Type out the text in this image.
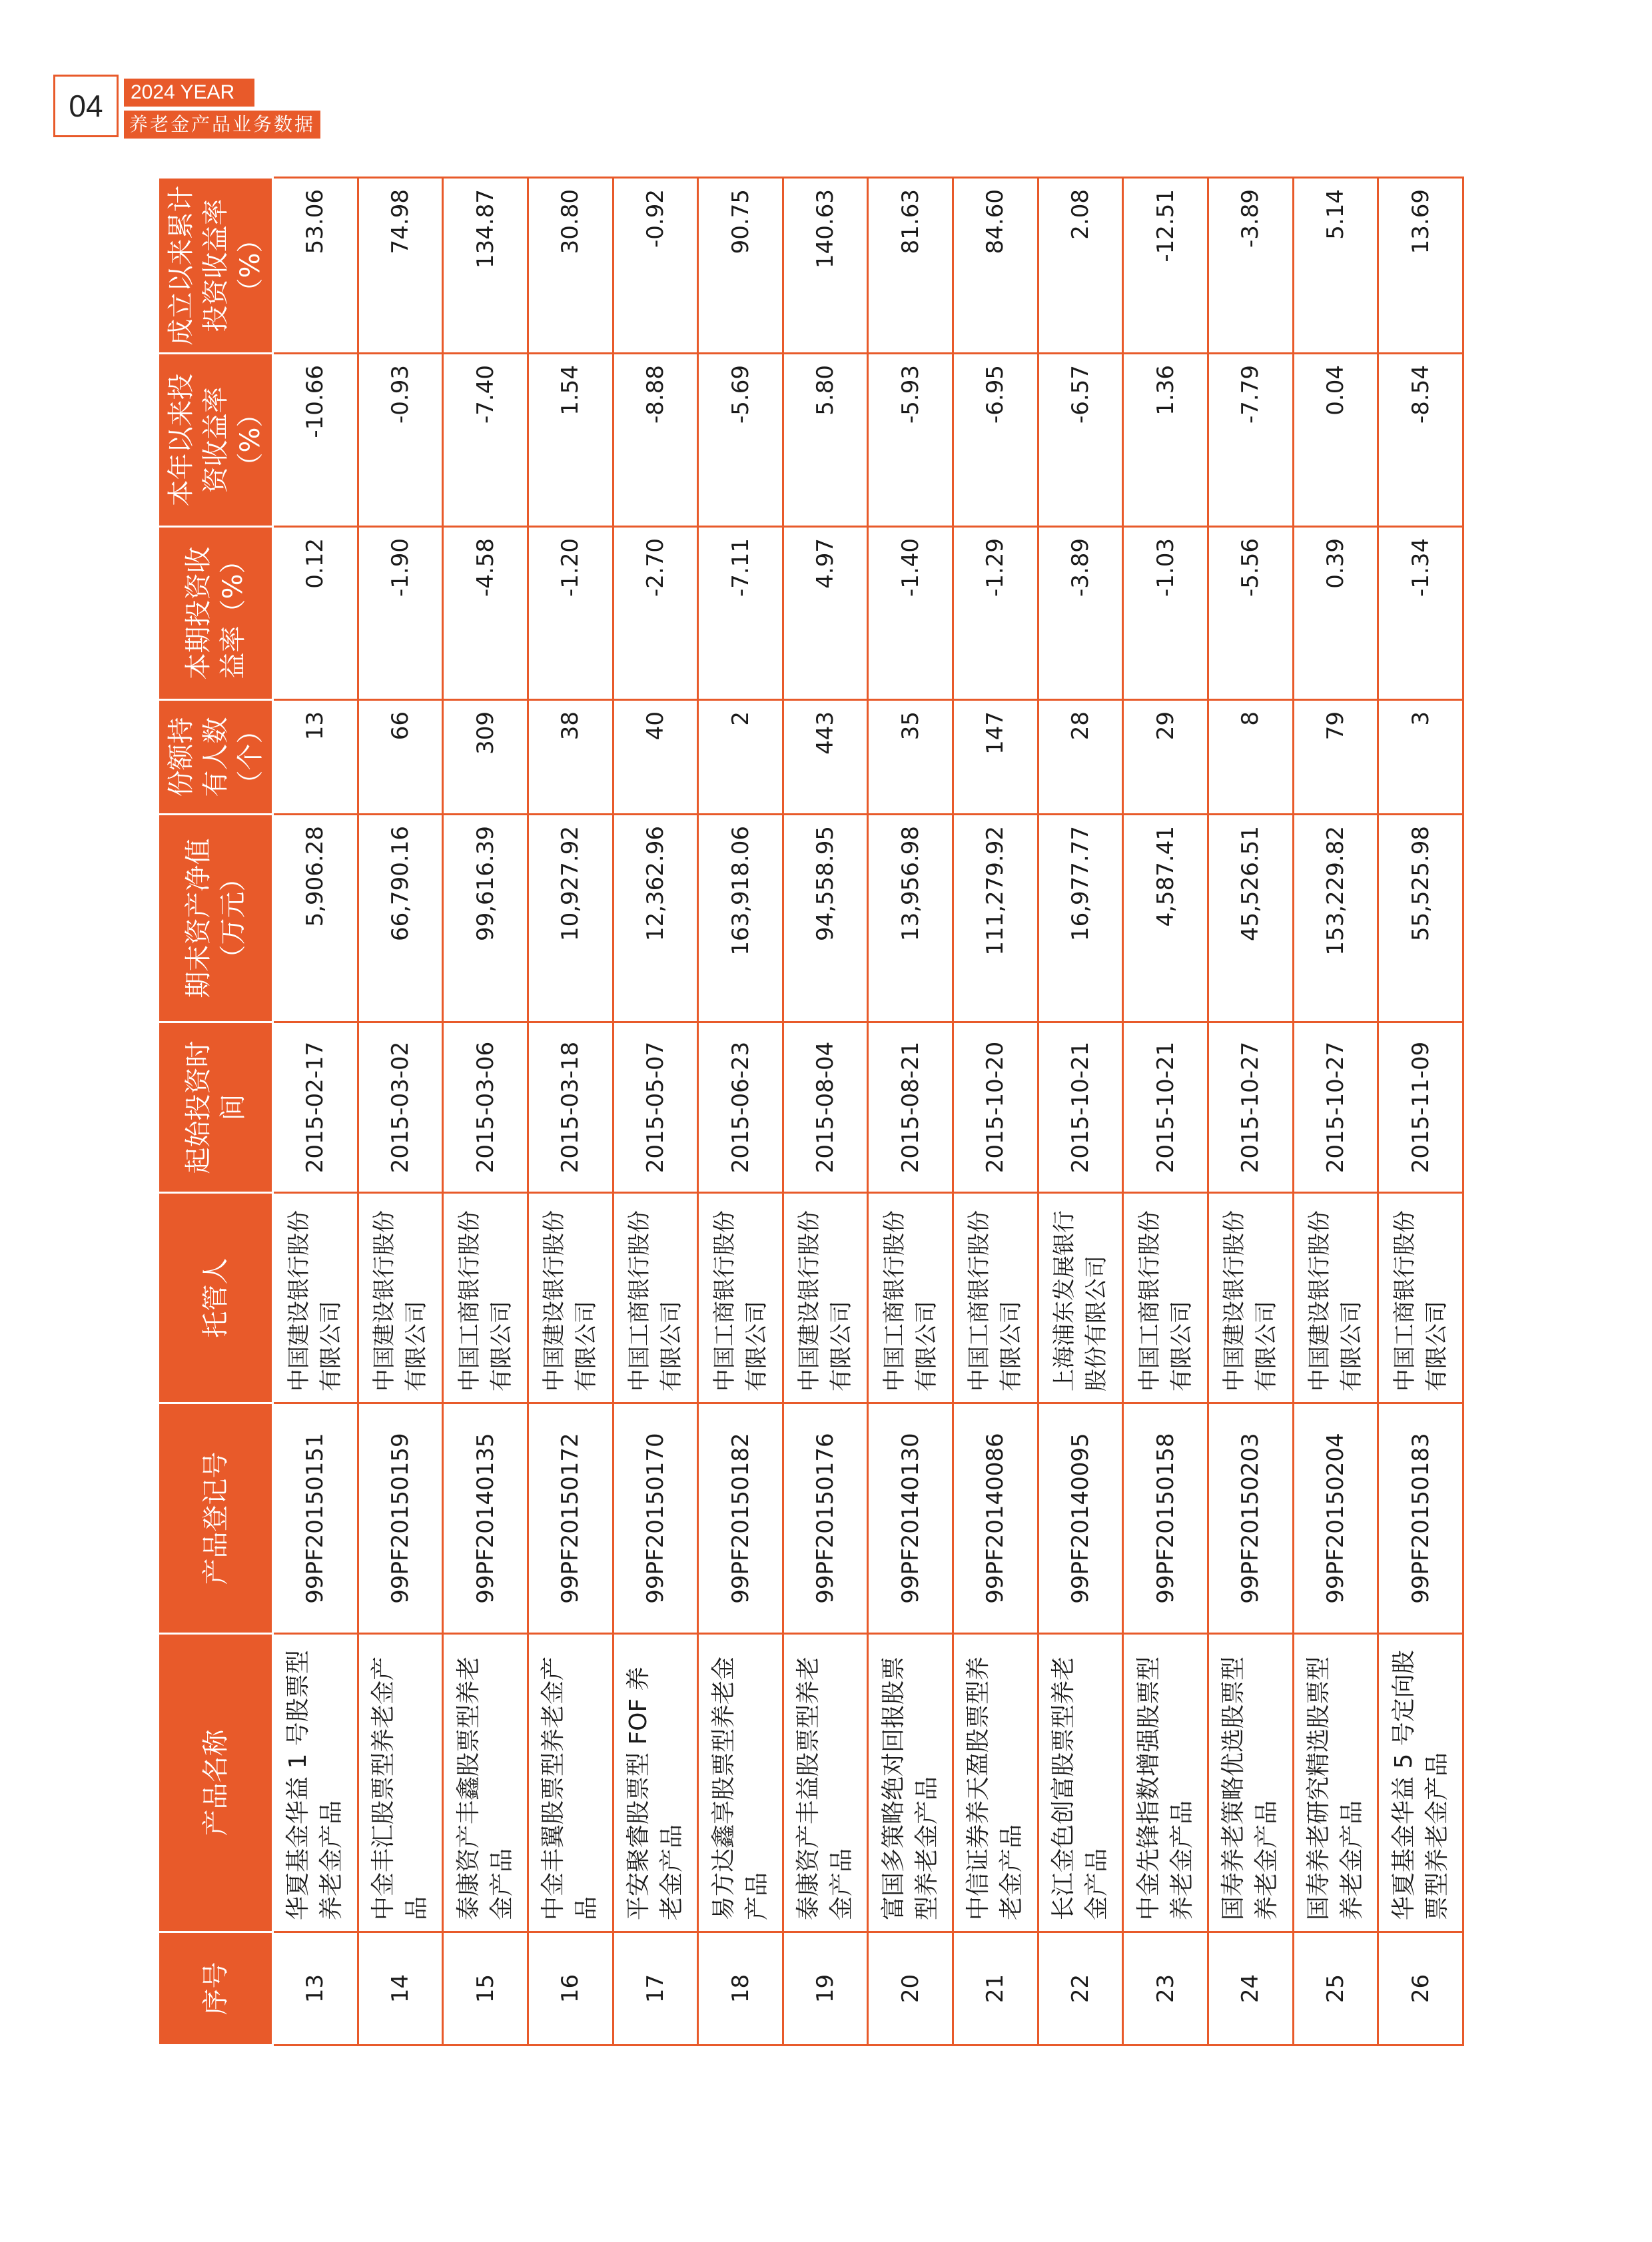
04	2024 YEAR
养老金产品业务数据
序号	产品名称	产品登记号	托管人	起始投资时间	期末资产净值（万元）	份额持有人数（个）	本期投资收益率（%）	本年以来投资收益率（%）	成立以来累计投资收益率（%）
13	华夏基金华益 1 号股票型养老金产品	99PF20150151	中国建设银行股份有限公司	2015-02-17	5,906.28	13	0.12	-10.66	53.06
14	中金丰汇股票型养老金产品	99PF20150159	中国建设银行股份有限公司	2015-03-02	66,790.16	66	-1.90	-0.93	74.98
15	泰康资产丰鑫股票型养老金产品	99PF20140135	中国工商银行股份有限公司	2015-03-06	99,616.39	309	-4.58	-7.40	134.87
16	中金丰翼股票型养老金产品	99PF20150172	中国建设银行股份有限公司	2015-03-18	10,927.92	38	-1.20	1.54	30.80
17	平安聚睿股票型 FOF 养老金产品	99PF20150170	中国工商银行股份有限公司	2015-05-07	12,362.96	40	-2.70	-8.88	-0.92
18	易方达鑫享股票型养老金产品	99PF20150182	中国工商银行股份有限公司	2015-06-23	163,918.06	2	-7.11	-5.69	90.75
19	泰康资产丰益股票型养老金产品	99PF20150176	中国建设银行股份有限公司	2015-08-04	94,558.95	443	4.97	5.80	140.63
20	富国多策略绝对回报股票型养老金产品	99PF20140130	中国工商银行股份有限公司	2015-08-21	13,956.98	35	-1.40	-5.93	81.63
21	中信证券养天盈股票型养老金产品	99PF20140086	中国工商银行股份有限公司	2015-10-20	111,279.92	147	-1.29	-6.95	84.60
22	长江金色创富股票型养老金产品	99PF20140095	上海浦东发展银行股份有限公司	2015-10-21	16,977.77	28	-3.89	-6.57	2.08
23	中金先锋指数增强股票型养老金产品	99PF20150158	中国工商银行股份有限公司	2015-10-21	4,587.41	29	-1.03	1.36	-12.51
24	国寿养老策略优选股票型养老金产品	99PF20150203	中国建设银行股份有限公司	2015-10-27	45,526.51	8	-5.56	-7.79	-3.89
25	国寿养老研究精选股票型养老金产品	99PF20150204	中国建设银行股份有限公司	2015-10-27	153,229.82	79	0.39	0.04	5.14
26	华夏基金华益 5 号定向股票型养老金产品	99PF20150183	中国工商银行股份有限公司	2015-11-09	55,525.98	3	-1.34	-8.54	13.69
